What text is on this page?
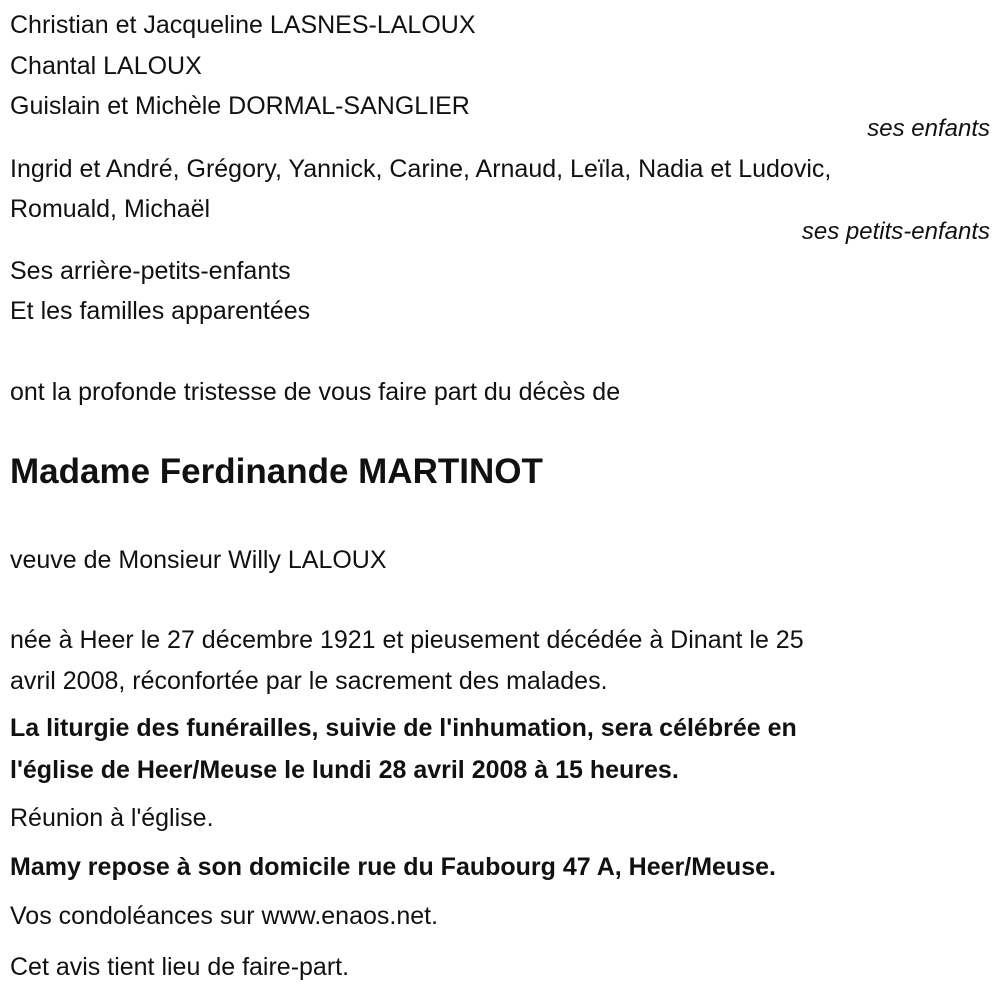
Christian et Jacqueline LASNES-LALOUX
Chantal LALOUX
Guislain et Michèle DORMAL-SANGLIER
ses enfants
Ingrid et André, Grégory, Yannick, Carine, Arnaud, Leïla, Nadia et Ludovic,
Romuald, Michaël
ses petits-enfants
Ses arrière-petits-enfants
Et les familles apparentées
ont la profonde tristesse de vous faire part du décès de
Madame Ferdinande MARTINOT
veuve de Monsieur Willy LALOUX
née à Heer le 27 décembre 1921 et pieusement décédée à Dinant le 25
avril 2008, réconfortée par le sacrement des malades.
La liturgie des funérailles, suivie de l'inhumation, sera célébrée en
l'église de Heer/Meuse le lundi 28 avril 2008 à 15 heures.
Réunion à l'église.
Mamy repose à son domicile rue du Faubourg 47 A, Heer/Meuse.
Vos condoléances sur www.enaos.net.
Cet avis tient lieu de faire-part.
